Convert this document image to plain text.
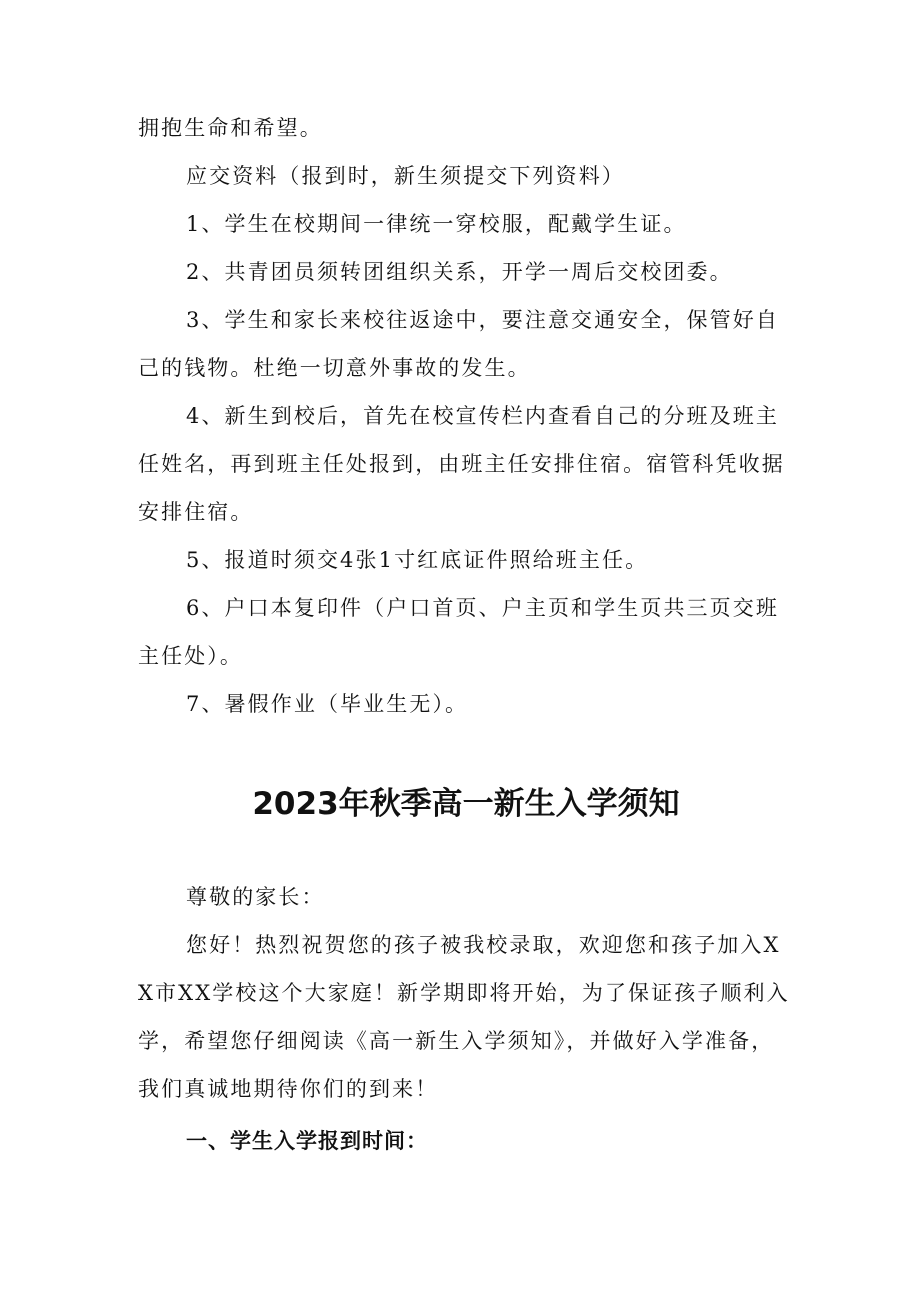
拥抱生命和希望。

应交资料（报到时，新生须提交下列资料）

1、学生在校期间一律统一穿校服，配戴学生证。

2、共青团员须转团组织关系，开学一周后交校团委。

3、学生和家长来校往返途中，要注意交通安全，保管好自己的钱物。杜绝一切意外事故的发生。

4、新生到校后，首先在校宣传栏内查看自己的分班及班主任姓名，再到班主任处报到，由班主任安排住宿。宿管科凭收据安排住宿。

5、报道时须交4张1寸红底证件照给班主任。

6、户口本复印件（户口首页、户主页和学生页共三页交班主任处）。

7、暑假作业（毕业生无）。

2023年秋季高一新生入学须知

尊敬的家长：

您好！热烈祝贺您的孩子被我校录取，欢迎您和孩子加入XX市XX学校这个大家庭！新学期即将开始，为了保证孩子顺利入学，希望您仔细阅读《高一新生入学须知》，并做好入学准备，我们真诚地期待你们的到来！

一、学生入学报到时间：
